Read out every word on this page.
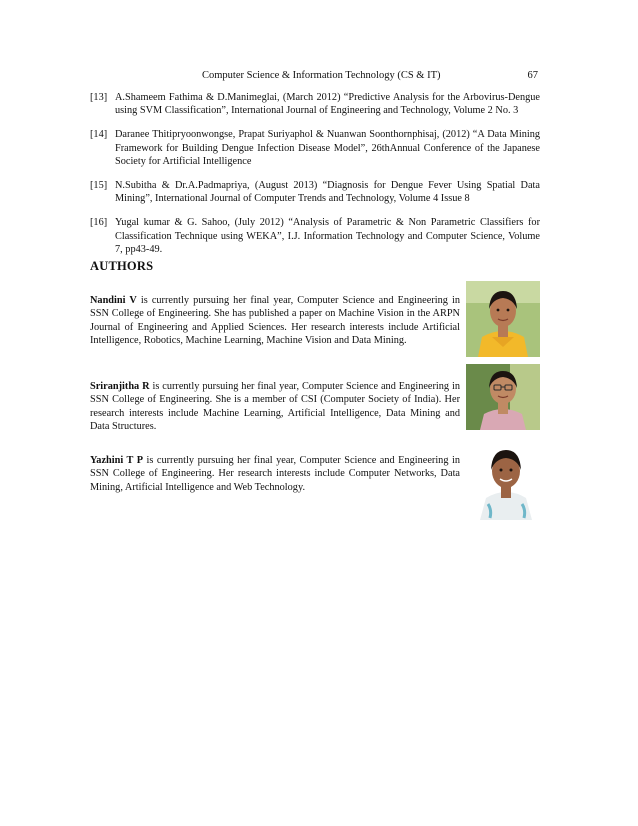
Computer Science & Information Technology (CS & IT)	67
[13] A.Shameem Fathima & D.Manimeglai, (March 2012) “Predictive Analysis for the Arbovirus-Dengue using SVM Classification”, International Journal of Engineering and Technology, Volume 2 No. 3
[14] Daranee Thitipryoonwongse, Prapat Suriyaphol & Nuanwan Soonthornphisaj, (2012) “A Data Mining Framework for Building Dengue Infection Disease Model”, 26thAnnual Conference of the Japanese Society for Artificial Intelligence
[15] N.Subitha & Dr.A.Padmapriya, (August 2013) “Diagnosis for Dengue Fever Using Spatial Data Mining”, International Journal of Computer Trends and Technology, Volume 4 Issue 8
[16] Yugal kumar & G. Sahoo, (July 2012) “Analysis of Parametric & Non Parametric Classifiers for Classification Technique using WEKA”, I.J. Information Technology and Computer Science, Volume 7, pp43-49.
AUTHORS
Nandini V is currently pursuing her final year, Computer Science and Engineering in SSN College of Engineering. She has published a paper on Machine Vision in the ARPN Journal of Engineering and Applied Sciences. Her research interests include Artificial Intelligence, Robotics, Machine Learning, Machine Vision and Data Mining.
Sriranjitha R is currently pursuing her final year, Computer Science and Engineering in SSN College of Engineering. She is a member of CSI (Computer Society of India). Her research interests include Machine Learning, Artificial Intelligence, Data Mining and Data Structures.
Yazhini T P is currently pursuing her final year, Computer Science and Engineering in SSN College of Engineering. Her research interests include Computer Networks, Data Mining, Artificial Intelligence and Web Technology.
